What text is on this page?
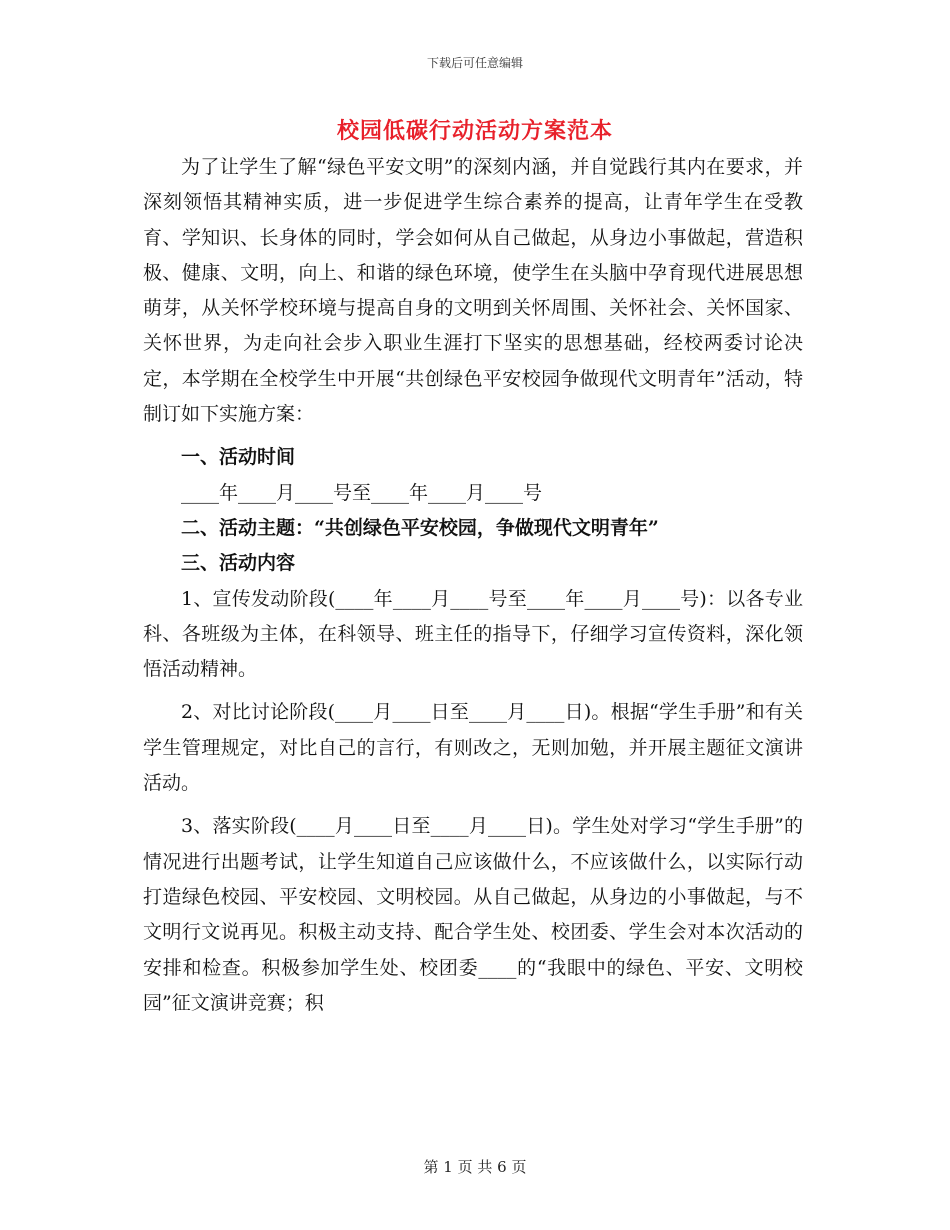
下载后可任意编辑
校园低碳行动活动方案范本

为了让学生了解“绿色平安文明”的深刻内涵，并自觉践行其内在要求，并深刻领悟其精神实质，进一步促进学生综合素养的提高，让青年学生在受教育、学知识、长身体的同时，学会如何从自己做起，从身边小事做起，营造积极、健康、文明，向上、和谐的绿色环境，使学生在头脑中孕育现代进展思想萌芽，从关怀学校环境与提高自身的文明到关怀周围、关怀社会、关怀国家、关怀世界，为走向社会步入职业生涯打下坚实的思想基础，经校两委讨论决定，本学期在全校学生中开展“共创绿色平安校园争做现代文明青年”活动，特制订如下实施方案：

一、活动时间

____年____月____号至____年____月____号

二、活动主题：“共创绿色平安校园，争做现代文明青年”

三、活动内容

1、宣传发动阶段(____年____月____号至____年____月____号)：以各专业科、各班级为主体，在科领导、班主任的指导下，仔细学习宣传资料，深化领悟活动精神。

2、对比讨论阶段(____月____日至____月____日)。根据“学生手册”和有关学生管理规定，对比自己的言行，有则改之，无则加勉，并开展主题征文演讲活动。

3、落实阶段(____月____日至____月____日)。学生处对学习“学生手册”的情况进行出题考试，让学生知道自己应该做什么，不应该做什么，以实际行动打造绿色校园、平安校园、文明校园。从自己做起，从身边的小事做起，与不文明行文说再见。积极主动支持、配合学生处、校团委、学生会对本次活动的安排和检查。积极参加学生处、校团委____的“我眼中的绿色、平安、文明校园”征文演讲竞赛；积

第 1 页 共 6 页
